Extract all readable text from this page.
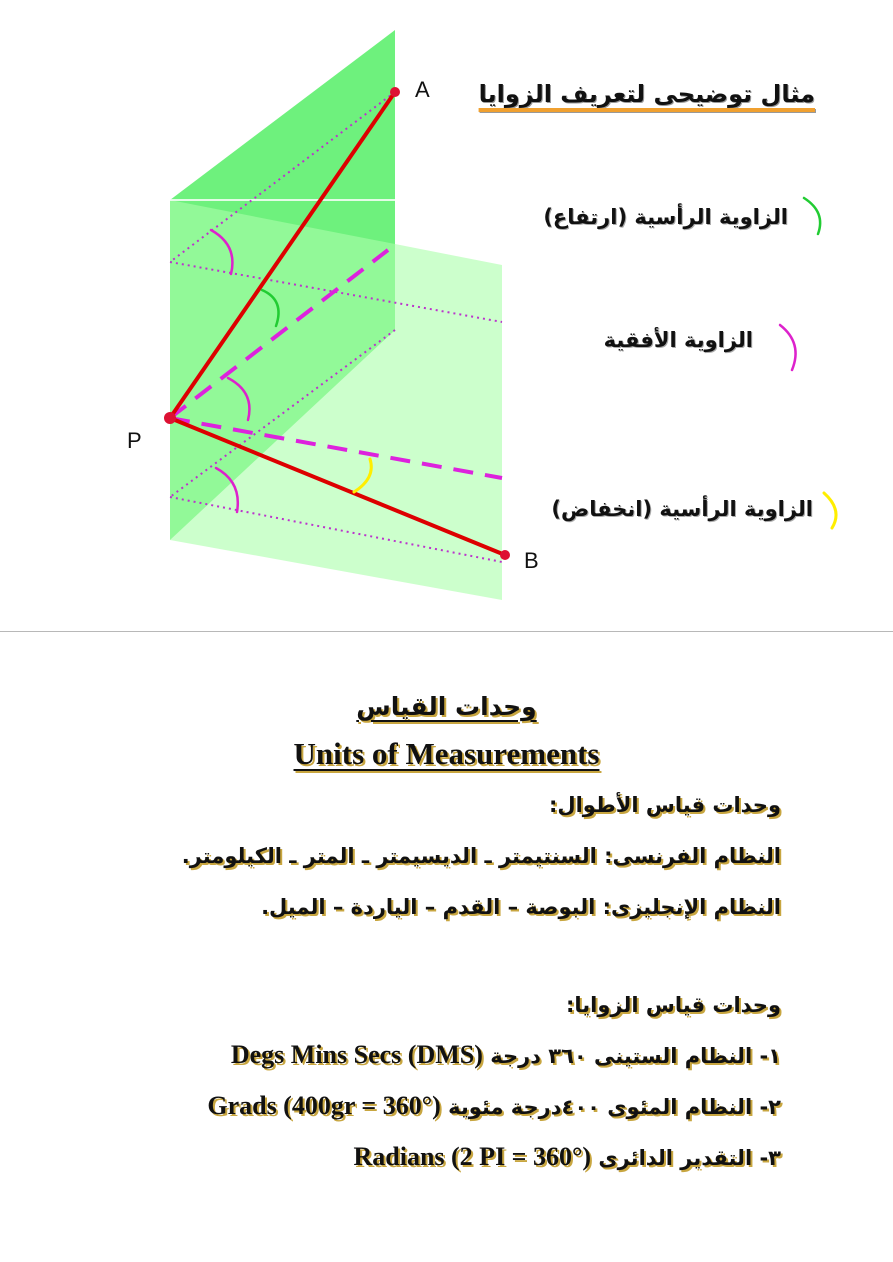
مثال توضيحى لتعريف الزوايا
A
P
B
الزاوية الرأسية (ارتفاع)
الزاوية الأفقية
الزاوية الرأسية (انخفاض)
وحدات القياس
Units of Measurements
وحدات قياس الأطوال:
النظام الفرنسى: السنتيمتر ـ الديسيمتر ـ المتر ـ الكيلومتر.
النظام الإنجليزى: البوصة – القدم – الياردة – الميل.
وحدات قياس الزوايا:
١- النظام الستينى ٣٦٠ درجة Degs Mins Secs (DMS)
٢- النظام المئوى ٤٠٠درجة مئوية Grads (400gr = 360°)
٣- التقدير الدائرى Radians (2 PI = 360°)
